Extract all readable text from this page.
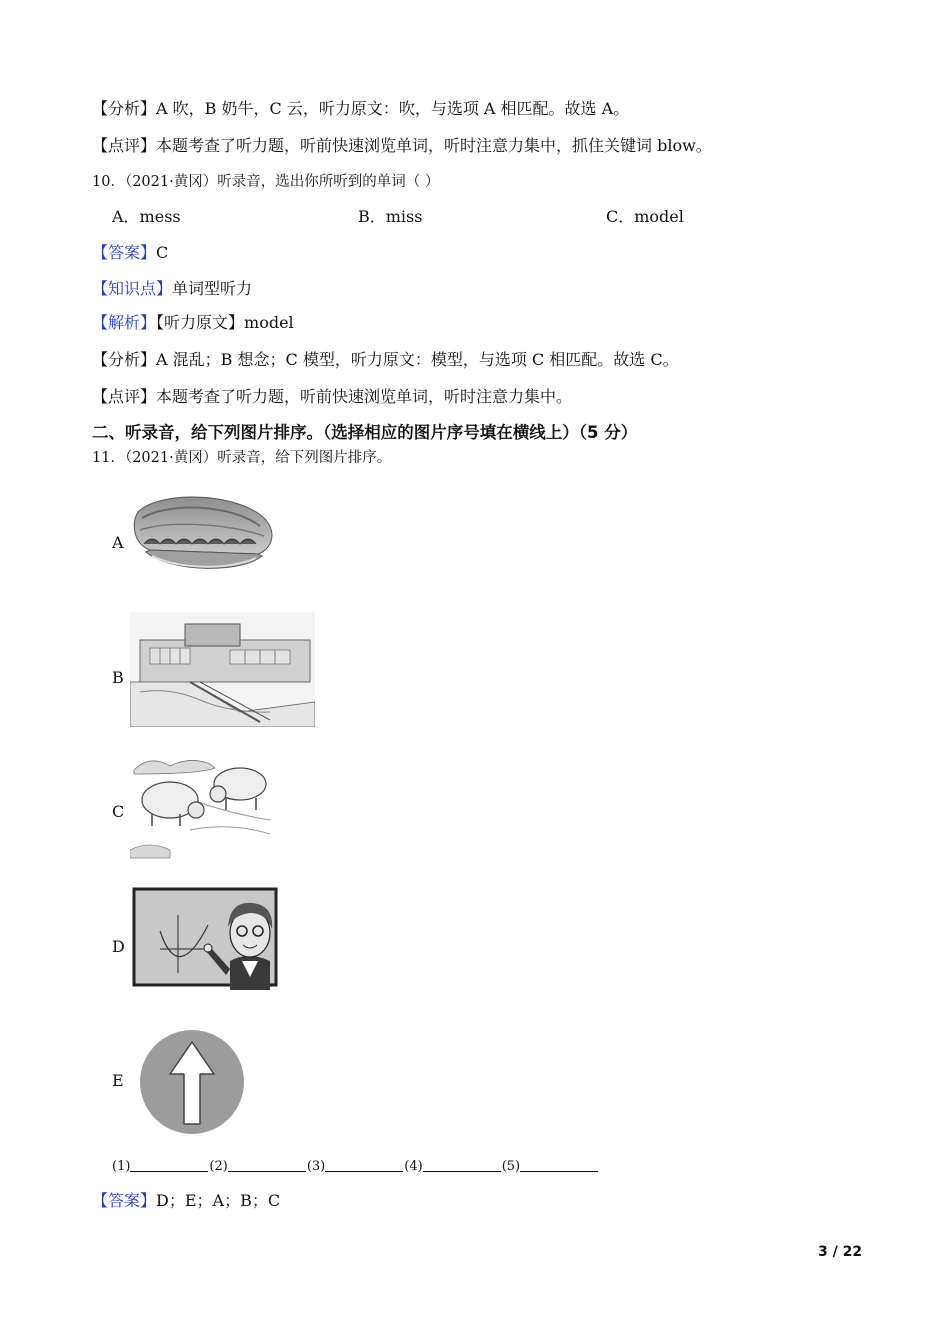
【分析】A 吹，B 奶牛，C 云，听力原文：吹，与选项 A 相匹配。故选 A。
【点评】本题考查了听力题，听前快速浏览单词，听时注意力集中，抓住关键词 blow。
10．（2021·黄冈）听录音，选出你所听到的单词（ ）
A．mess	B．miss	C．model
【答案】C
【知识点】单词型听力
【解析】【听力原文】model
【分析】A 混乱；B 想念；C 模型，听力原文：模型，与选项 C 相匹配。故选 C。
【点评】本题考查了听力题，听前快速浏览单词，听时注意力集中。
二、听录音，给下列图片排序。（选择相应的图片序号填在横线上）（5 分）
11．（2021·黄冈）听录音，给下列图片排序。
A
B
C
D
E
(1)	(2)	(3)	(4)	(5)
【答案】D；E；A；B；C
3 / 22
